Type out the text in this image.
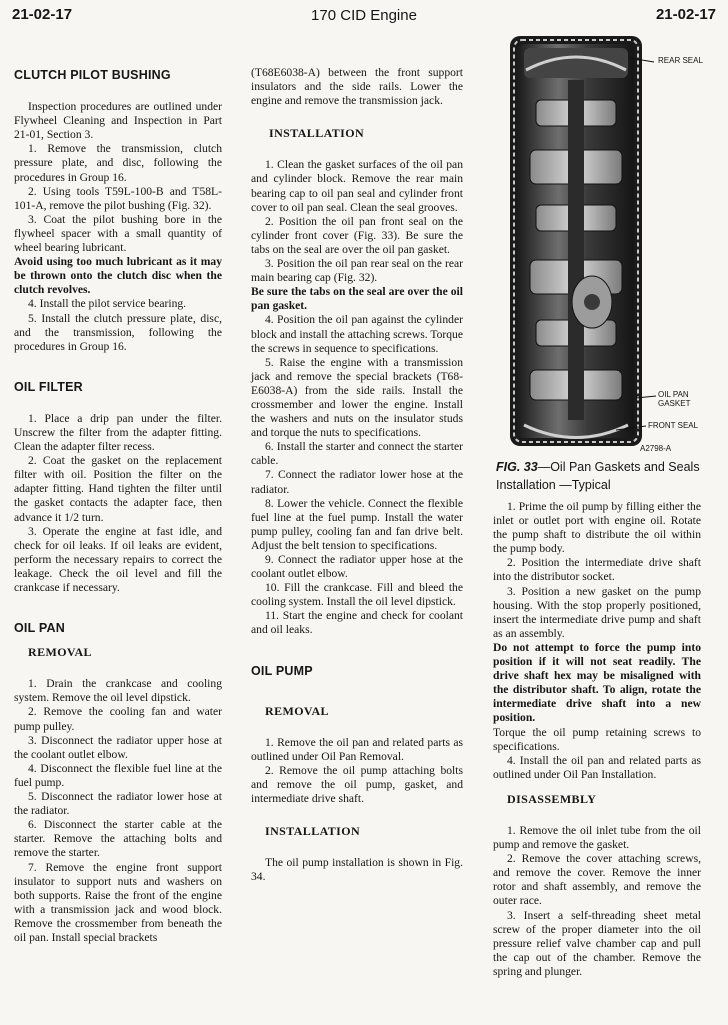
21-02-17	170 CID Engine	21-02-17
CLUTCH PILOT BUSHING

Inspection procedures are outlined under Flywheel Cleaning and Inspection in Part 21-01, Section 3.

1. Remove the transmission, clutch pressure plate, and disc, following the procedures in Group 16.

2. Using tools T59L-100-B and T58L-101-A, remove the pilot bushing (Fig. 32).

3. Coat the pilot bushing bore in the flywheel spacer with a small quantity of wheel bearing lubricant.

Avoid using too much lubricant as it may be thrown onto the clutch disc when the clutch revolves.

4. Install the pilot service bearing.

5. Install the clutch pressure plate, disc, and the transmission, following the procedures in Group 16.

OIL FILTER

1. Place a drip pan under the filter. Unscrew the filter from the adapter fitting. Clean the adapter filter recess.

2. Coat the gasket on the replacement filter with oil. Position the filter on the adapter fitting. Hand tighten the filter until the gasket contacts the adapter face, then advance it 1/2 turn.

3. Operate the engine at fast idle, and check for oil leaks. If oil leaks are evident, perform the necessary repairs to correct the leakage. Check the oil level and fill the crankcase if necessary.

OIL PAN
REMOVAL

1. Drain the crankcase and cooling system. Remove the oil level dipstick.

2. Remove the cooling fan and water pump pulley.

3. Disconnect the radiator upper hose at the coolant outlet elbow.

4. Disconnect the flexible fuel line at the fuel pump.

5. Disconnect the radiator lower hose at the radiator.

6. Disconnect the starter cable at the starter. Remove the attaching bolts and remove the starter.

7. Remove the engine front support insulator to support nuts and washers on both supports. Raise the front of the engine with a transmission jack and wood block. Remove the crossmember from beneath the oil pan. Install special brackets

(T68E6038-A) between the front support insulators and the side rails. Lower the engine and remove the transmission jack.

INSTALLATION

1. Clean the gasket surfaces of the oil pan and cylinder block. Remove the rear main bearing cap to oil pan seal and cylinder front cover to oil pan seal. Clean the seal grooves.

2. Position the oil pan front seal on the cylinder front cover (Fig. 33). Be sure the tabs on the seal are over the oil pan gasket.

3. Position the oil pan rear seal on the rear main bearing cap (Fig. 32).

Be sure the tabs on the seal are over the oil pan gasket.

4. Position the oil pan against the cylinder block and install the attaching screws. Torque the screws in sequence to specifications.

5. Raise the engine with a transmission jack and remove the special brackets (T68-E6038-A) from the side rails. Install the crossmember and lower the engine. Install the washers and nuts on the insulator studs and torque the nuts to specifications.

6. Install the starter and connect the starter cable.

7. Connect the radiator lower hose at the radiator.

8. Lower the vehicle. Connect the flexible fuel line at the fuel pump. Install the water pump pulley, cooling fan and fan drive belt. Adjust the belt tension to specifications.

9. Connect the radiator upper hose at the coolant outlet elbow.

10. Fill the crankcase. Fill and bleed the cooling system. Install the oil level dipstick.

11. Start the engine and check for coolant and oil leaks.

OIL PUMP
REMOVAL

1. Remove the oil pan and related parts as outlined under Oil Pan Removal.

2. Remove the oil pump attaching bolts and remove the oil pump, gasket, and intermediate drive shaft.

INSTALLATION

The oil pump installation is shown in Fig. 34.

REAR SEAL
OIL PAN
GASKET
FRONT SEAL
A2798-A
FIG. 33—Oil Pan Gaskets and Seals Installation —Typical

1. Prime the oil pump by filling either the inlet or outlet port with engine oil. Rotate the pump shaft to distribute the oil within the pump body.

2. Position the intermediate drive shaft into the distributor socket.

3. Position a new gasket on the pump housing. With the stop properly positioned, insert the intermediate drive pump and shaft as an assembly.

Do not attempt to force the pump into position if it will not seat readily. The drive shaft hex may be misaligned with the distributor shaft. To align, rotate the intermediate drive shaft into a new position.

Torque the oil pump retaining screws to specifications.

4. Install the oil pan and related parts as outlined under Oil Pan Installation.

DISASSEMBLY

1. Remove the oil inlet tube from the oil pump and remove the gasket.

2. Remove the cover attaching screws, and remove the cover. Remove the inner rotor and shaft assembly, and remove the outer race.

3. Insert a self-threading sheet metal screw of the proper diameter into the oil pressure relief valve chamber cap and pull the cap out of the chamber. Remove the spring and plunger.
